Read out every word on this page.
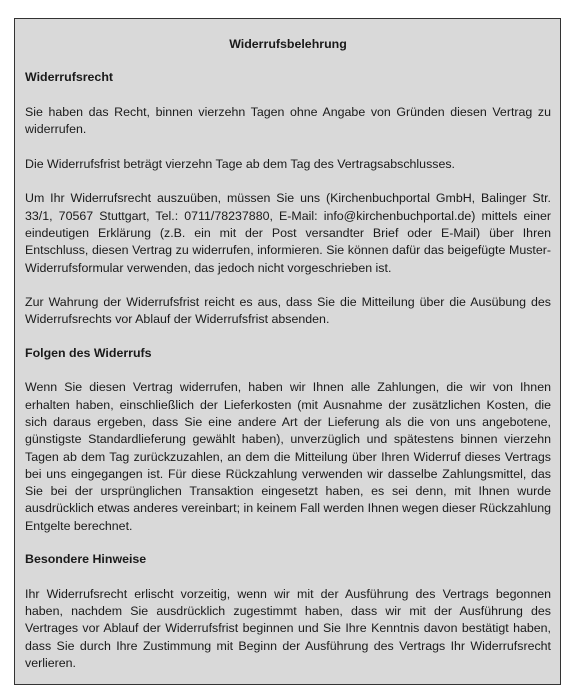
Widerrufsbelehrung
Widerrufsrecht

Sie haben das Recht, binnen vierzehn Tagen ohne Angabe von Gründen diesen Vertrag zu widerrufen.

Die Widerrufsfrist beträgt vierzehn Tage ab dem Tag des Vertragsabschlusses.

Um Ihr Widerrufsrecht auszuüben, müssen Sie uns (Kirchenbuchportal GmbH, Balinger Str. 33/1, 70567 Stuttgart, Tel.: 0711/78237880, E-Mail: info@kirchenbuchportal.de) mittels einer eindeutigen Erklärung (z.B. ein mit der Post versandter Brief oder E-Mail) über Ihren Entschluss, diesen Vertrag zu widerrufen, informieren. Sie können dafür das beigefügte Muster-Widerrufsformular verwenden, das jedoch nicht vorgeschrieben ist.

Zur Wahrung der Widerrufsfrist reicht es aus, dass Sie die Mitteilung über die Ausübung des Widerrufsrechts vor Ablauf der Widerrufsfrist absenden.

Folgen des Widerrufs

Wenn Sie diesen Vertrag widerrufen, haben wir Ihnen alle Zahlungen, die wir von Ihnen erhalten haben, einschließlich der Lieferkosten (mit Ausnahme der zusätzlichen Kosten, die sich daraus ergeben, dass Sie eine andere Art der Lieferung als die von uns angebotene, günstigste Standardlieferung gewählt haben), unverzüglich und spätestens binnen vierzehn Tagen ab dem Tag zurückzuzahlen, an dem die Mitteilung über Ihren Widerruf dieses Vertrags bei uns eingegangen ist. Für diese Rückzahlung verwenden wir dasselbe Zahlungsmittel, das Sie bei der ursprünglichen Transaktion eingesetzt haben, es sei denn, mit Ihnen wurde ausdrücklich etwas anderes vereinbart; in keinem Fall werden Ihnen wegen dieser Rückzahlung Entgelte berechnet.

Besondere Hinweise

Ihr Widerrufsrecht erlischt vorzeitig, wenn wir mit der Ausführung des Vertrags begonnen haben, nachdem Sie ausdrücklich zugestimmt haben, dass wir mit der Ausführung des Vertrages vor Ablauf der Widerrufsfrist beginnen und Sie Ihre Kenntnis davon bestätigt haben, dass Sie durch Ihre Zustimmung mit Beginn der Ausführung des Vertrags Ihr Widerrufsrecht verlieren.
